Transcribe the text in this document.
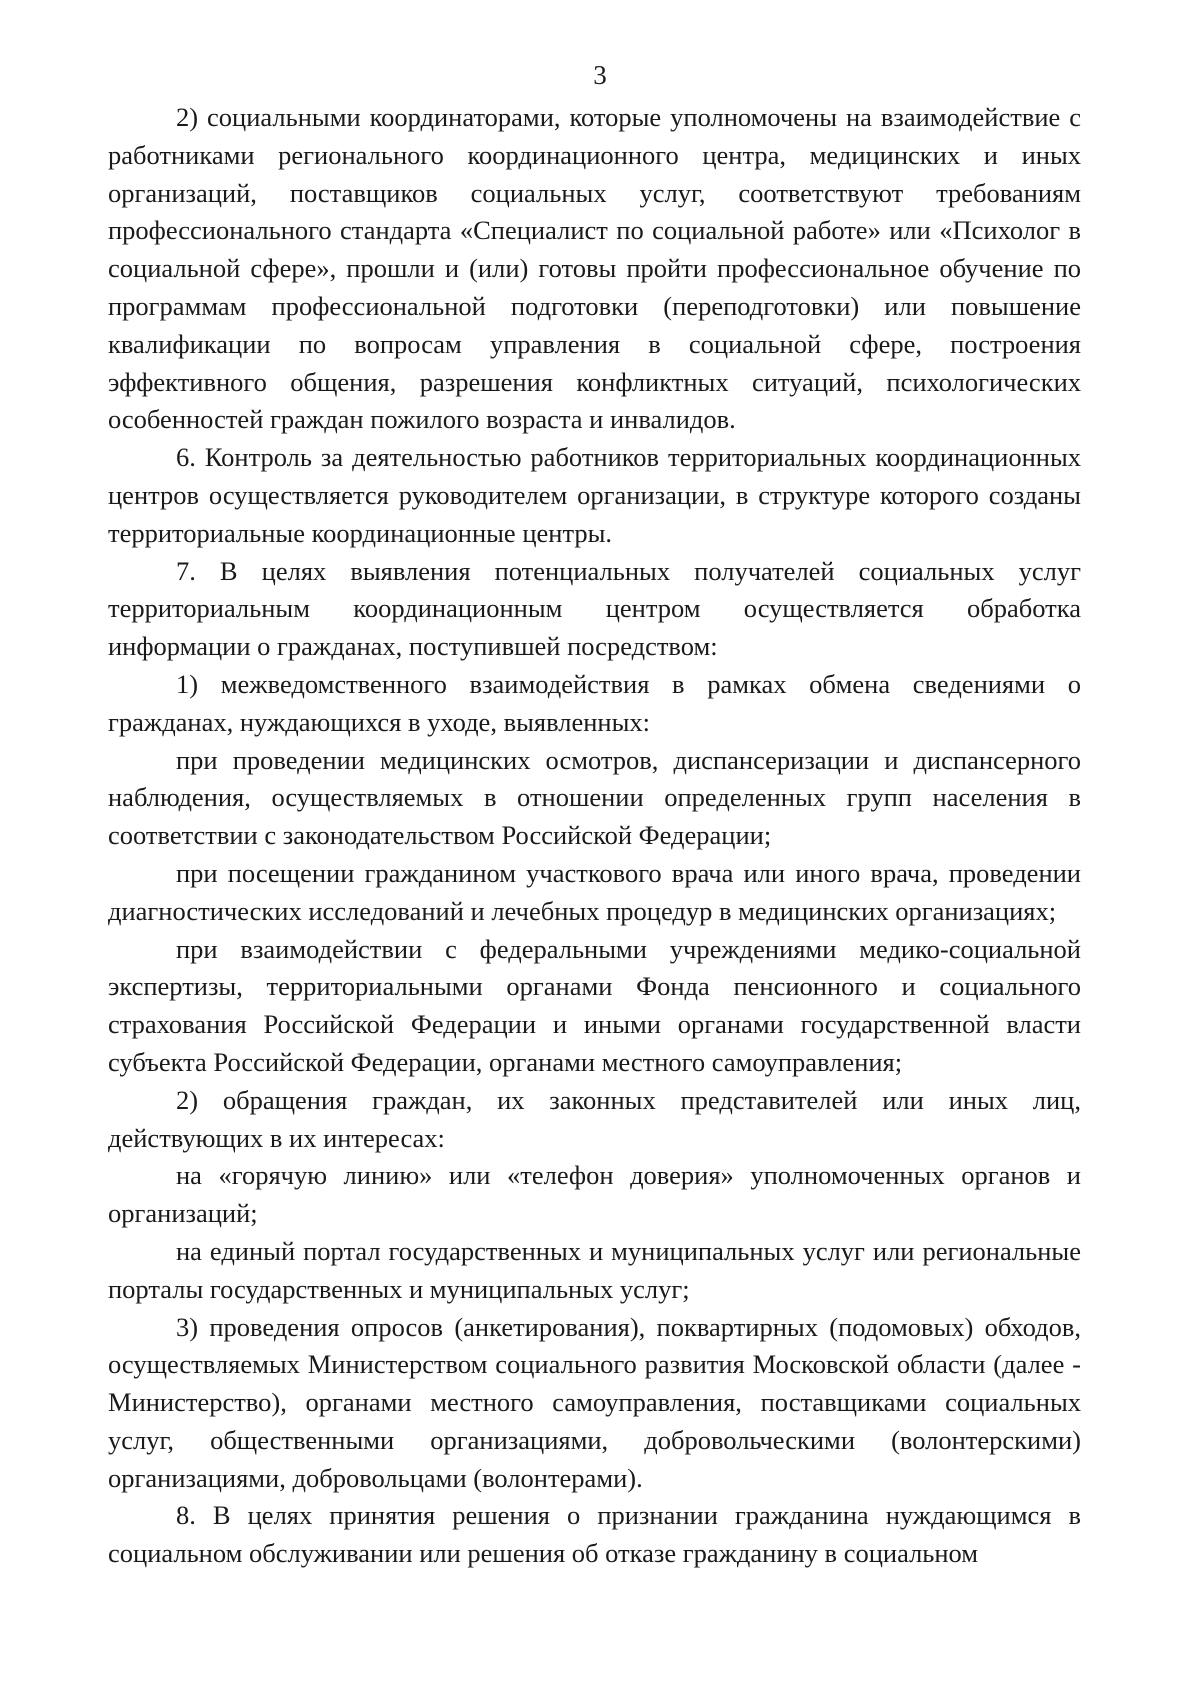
3

2) социальными координаторами, которые уполномочены на взаимодействие с работниками регионального координационного центра, медицинских и иных организаций, поставщиков социальных услуг, соответствуют требованиям профессионального стандарта «Специалист по социальной работе» или «Психолог в социальной сфере», прошли и (или) готовы пройти профессиональное обучение по программам профессиональной подготовки (переподготовки) или повышение квалификации по вопросам управления в социальной сфере, построения эффективного общения, разрешения конфликтных ситуаций, психологических особенностей граждан пожилого возраста и инвалидов.

6. Контроль за деятельностью работников территориальных координационных центров осуществляется руководителем организации, в структуре которого созданы территориальные координационные центры.

7. В целях выявления потенциальных получателей социальных услуг территориальным координационным центром осуществляется обработка информации о гражданах, поступившей посредством:

1) межведомственного взаимодействия в рамках обмена сведениями о гражданах, нуждающихся в уходе, выявленных:

при проведении медицинских осмотров, диспансеризации и диспансерного наблюдения, осуществляемых в отношении определенных групп населения в соответствии с законодательством Российской Федерации;

при посещении гражданином участкового врача или иного врача, проведении диагностических исследований и лечебных процедур в медицинских организациях;

при взаимодействии с федеральными учреждениями медико-социальной экспертизы, территориальными органами Фонда пенсионного и социального страхования Российской Федерации и иными органами государственной власти субъекта Российской Федерации, органами местного самоуправления;

2) обращения граждан, их законных представителей или иных лиц, действующих в их интересах:

на «горячую линию» или «телефон доверия» уполномоченных органов и организаций;

на единый портал государственных и муниципальных услуг или региональные порталы государственных и муниципальных услуг;

3) проведения опросов (анкетирования), поквартирных (подомовых) обходов, осуществляемых Министерством социального развития Московской области (далее - Министерство), органами местного самоуправления, поставщиками социальных услуг, общественными организациями, добровольческими (волонтерскими) организациями, добровольцами (волонтерами).

8. В целях принятия решения о признании гражданина нуждающимся в социальном обслуживании или решения об отказе гражданину в социальном
